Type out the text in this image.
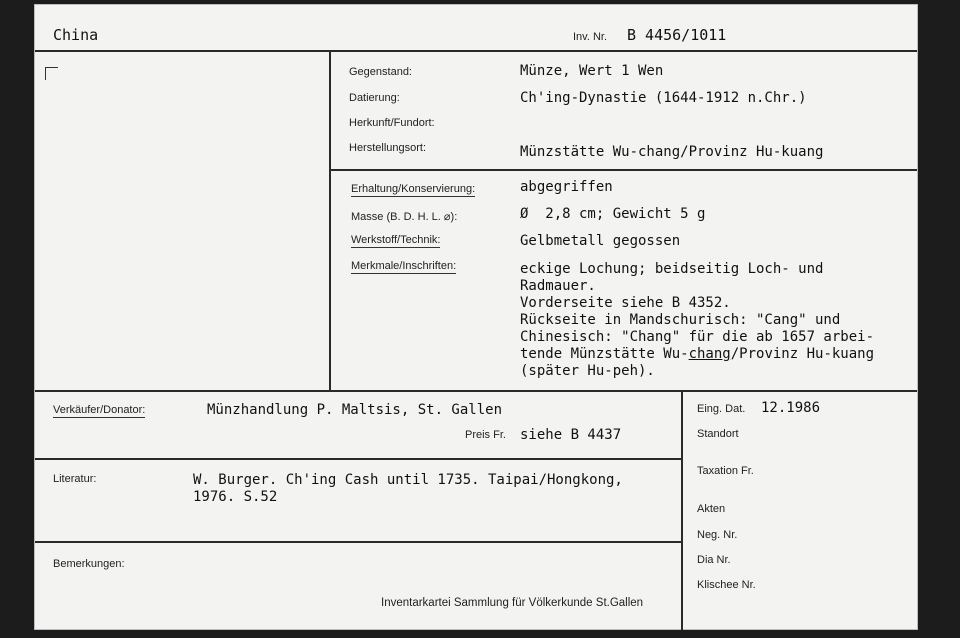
China	Inv. Nr. B 4456/1011
Gegenstand:	Münze, Wert 1 Wen
Datierung:	Ch'ing-Dynastie (1644-1912 n.Chr.)
Herkunft/Fundort:
Herstellungsort:	Münzstätte Wu-chang/Provinz Hu-kuang
Erhaltung/Konservierung:	abgegriffen
Masse (B. D. H. L. ⌀):	Ø  2,8 cm; Gewicht 5 g
Werkstoff/Technik:	Gelbmetall gegossen
Merkmale/Inschriften:	eckige Lochung; beidseitig Loch- und
Radmauer.
Vorderseite siehe B 4352.
Rückseite in Mandschurisch: "Cang" und
Chinesisch: "Chang" für die ab 1657 arbei-
tende Münzstätte Wu-chang/Provinz Hu-kuang
(später Hu-peh).
Verkäufer/Donator:	Münzhandlung P. Maltsis, St. Gallen
Preis Fr. siehe B 4437
Literatur:	W. Burger. Ch'ing Cash until 1735. Taipai/Hongkong,
1976. S.52
Bemerkungen:
Inventarkartei Sammlung für Völkerkunde St.Gallen
Eing. Dat. 12.1986
Standort
Taxation Fr.
Akten
Neg. Nr.
Dia Nr.
Klischee Nr.
